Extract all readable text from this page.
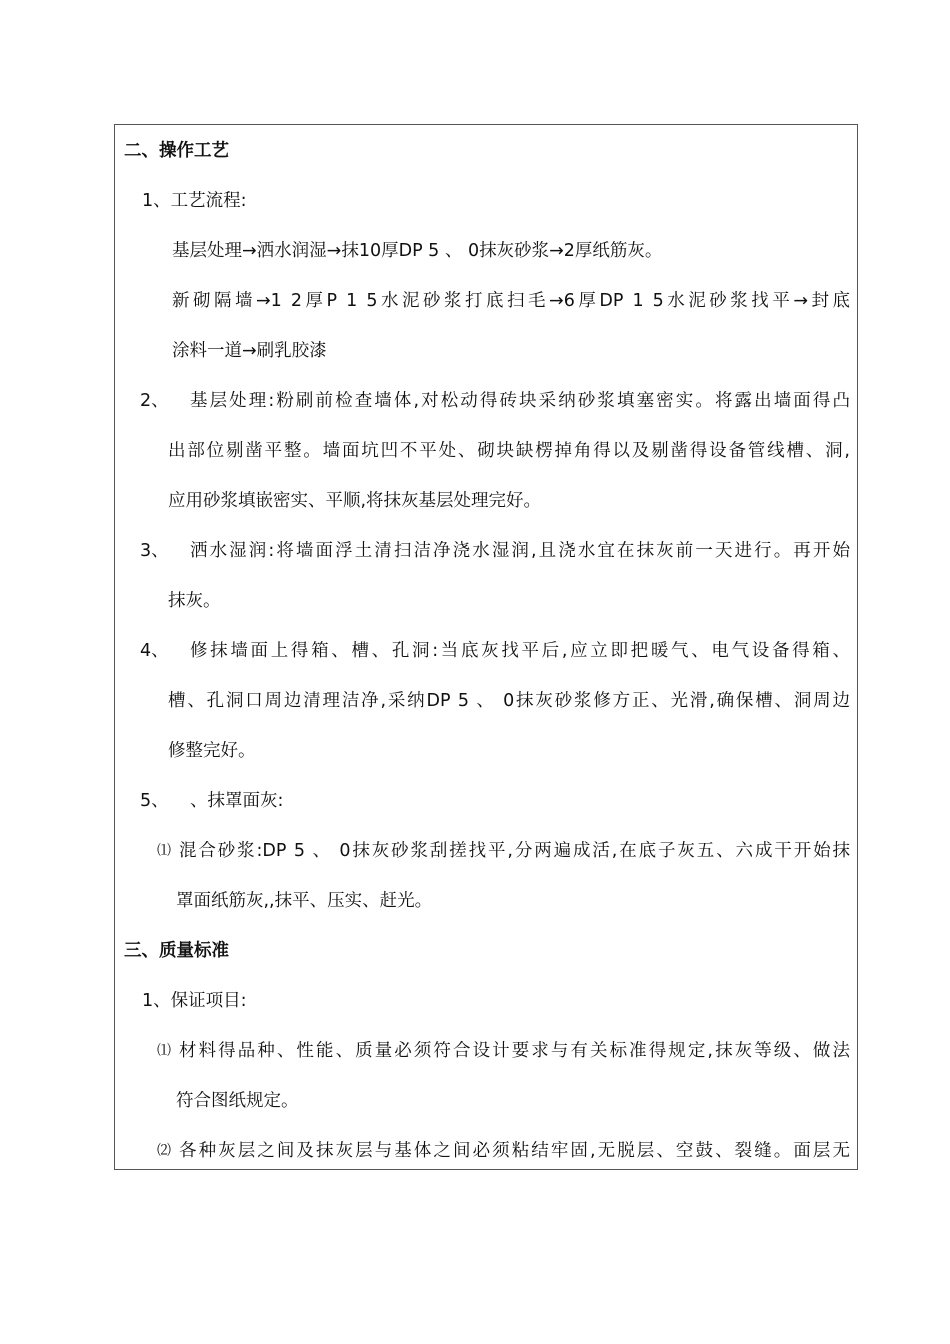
二、操作工艺
1、工艺流程:
基层处理→洒水润湿→抹10厚DP 5 、 0抹灰砂浆→2厚纸筋灰。
新砌隔墙→1 2厚P 1 5水泥砂浆打底扫毛→6厚DP 1 5水泥砂浆找平→封底
涂料一道→刷乳胶漆
2、 基层处理:粉刷前检查墙体,对松动得砖块采纳砂浆填塞密实。将露出墙面得凸
出部位剔凿平整。墙面坑凹不平处、砌块缺楞掉角得以及剔凿得设备管线槽、洞,
应用砂浆填嵌密实、平顺,将抹灰基层处理完好。
3、 洒水湿润:将墙面浮土清扫洁净浇水湿润,且浇水宜在抹灰前一天进行。再开始
抹灰。
4、 修抹墙面上得箱、槽、孔洞:当底灰找平后,应立即把暖气、电气设备得箱、
槽、孔洞口周边清理洁净,采纳DP 5 、 0抹灰砂浆修方正、光滑,确保槽、洞周边
修整完好。
5、 、抹罩面灰:
⑴ 混合砂浆:DP 5 、 0抹灰砂浆刮搓找平,分两遍成活,在底子灰五、六成干开始抹
罩面纸筋灰,,抹平、压实、赶光。
三、质量标准
1、保证项目:
⑴ 材料得品种、性能、质量必须符合设计要求与有关标准得规定,抹灰等级、做法
符合图纸规定。
⑵ 各种灰层之间及抹灰层与基体之间必须粘结牢固,无脱层、空鼓、裂缝。面层无
